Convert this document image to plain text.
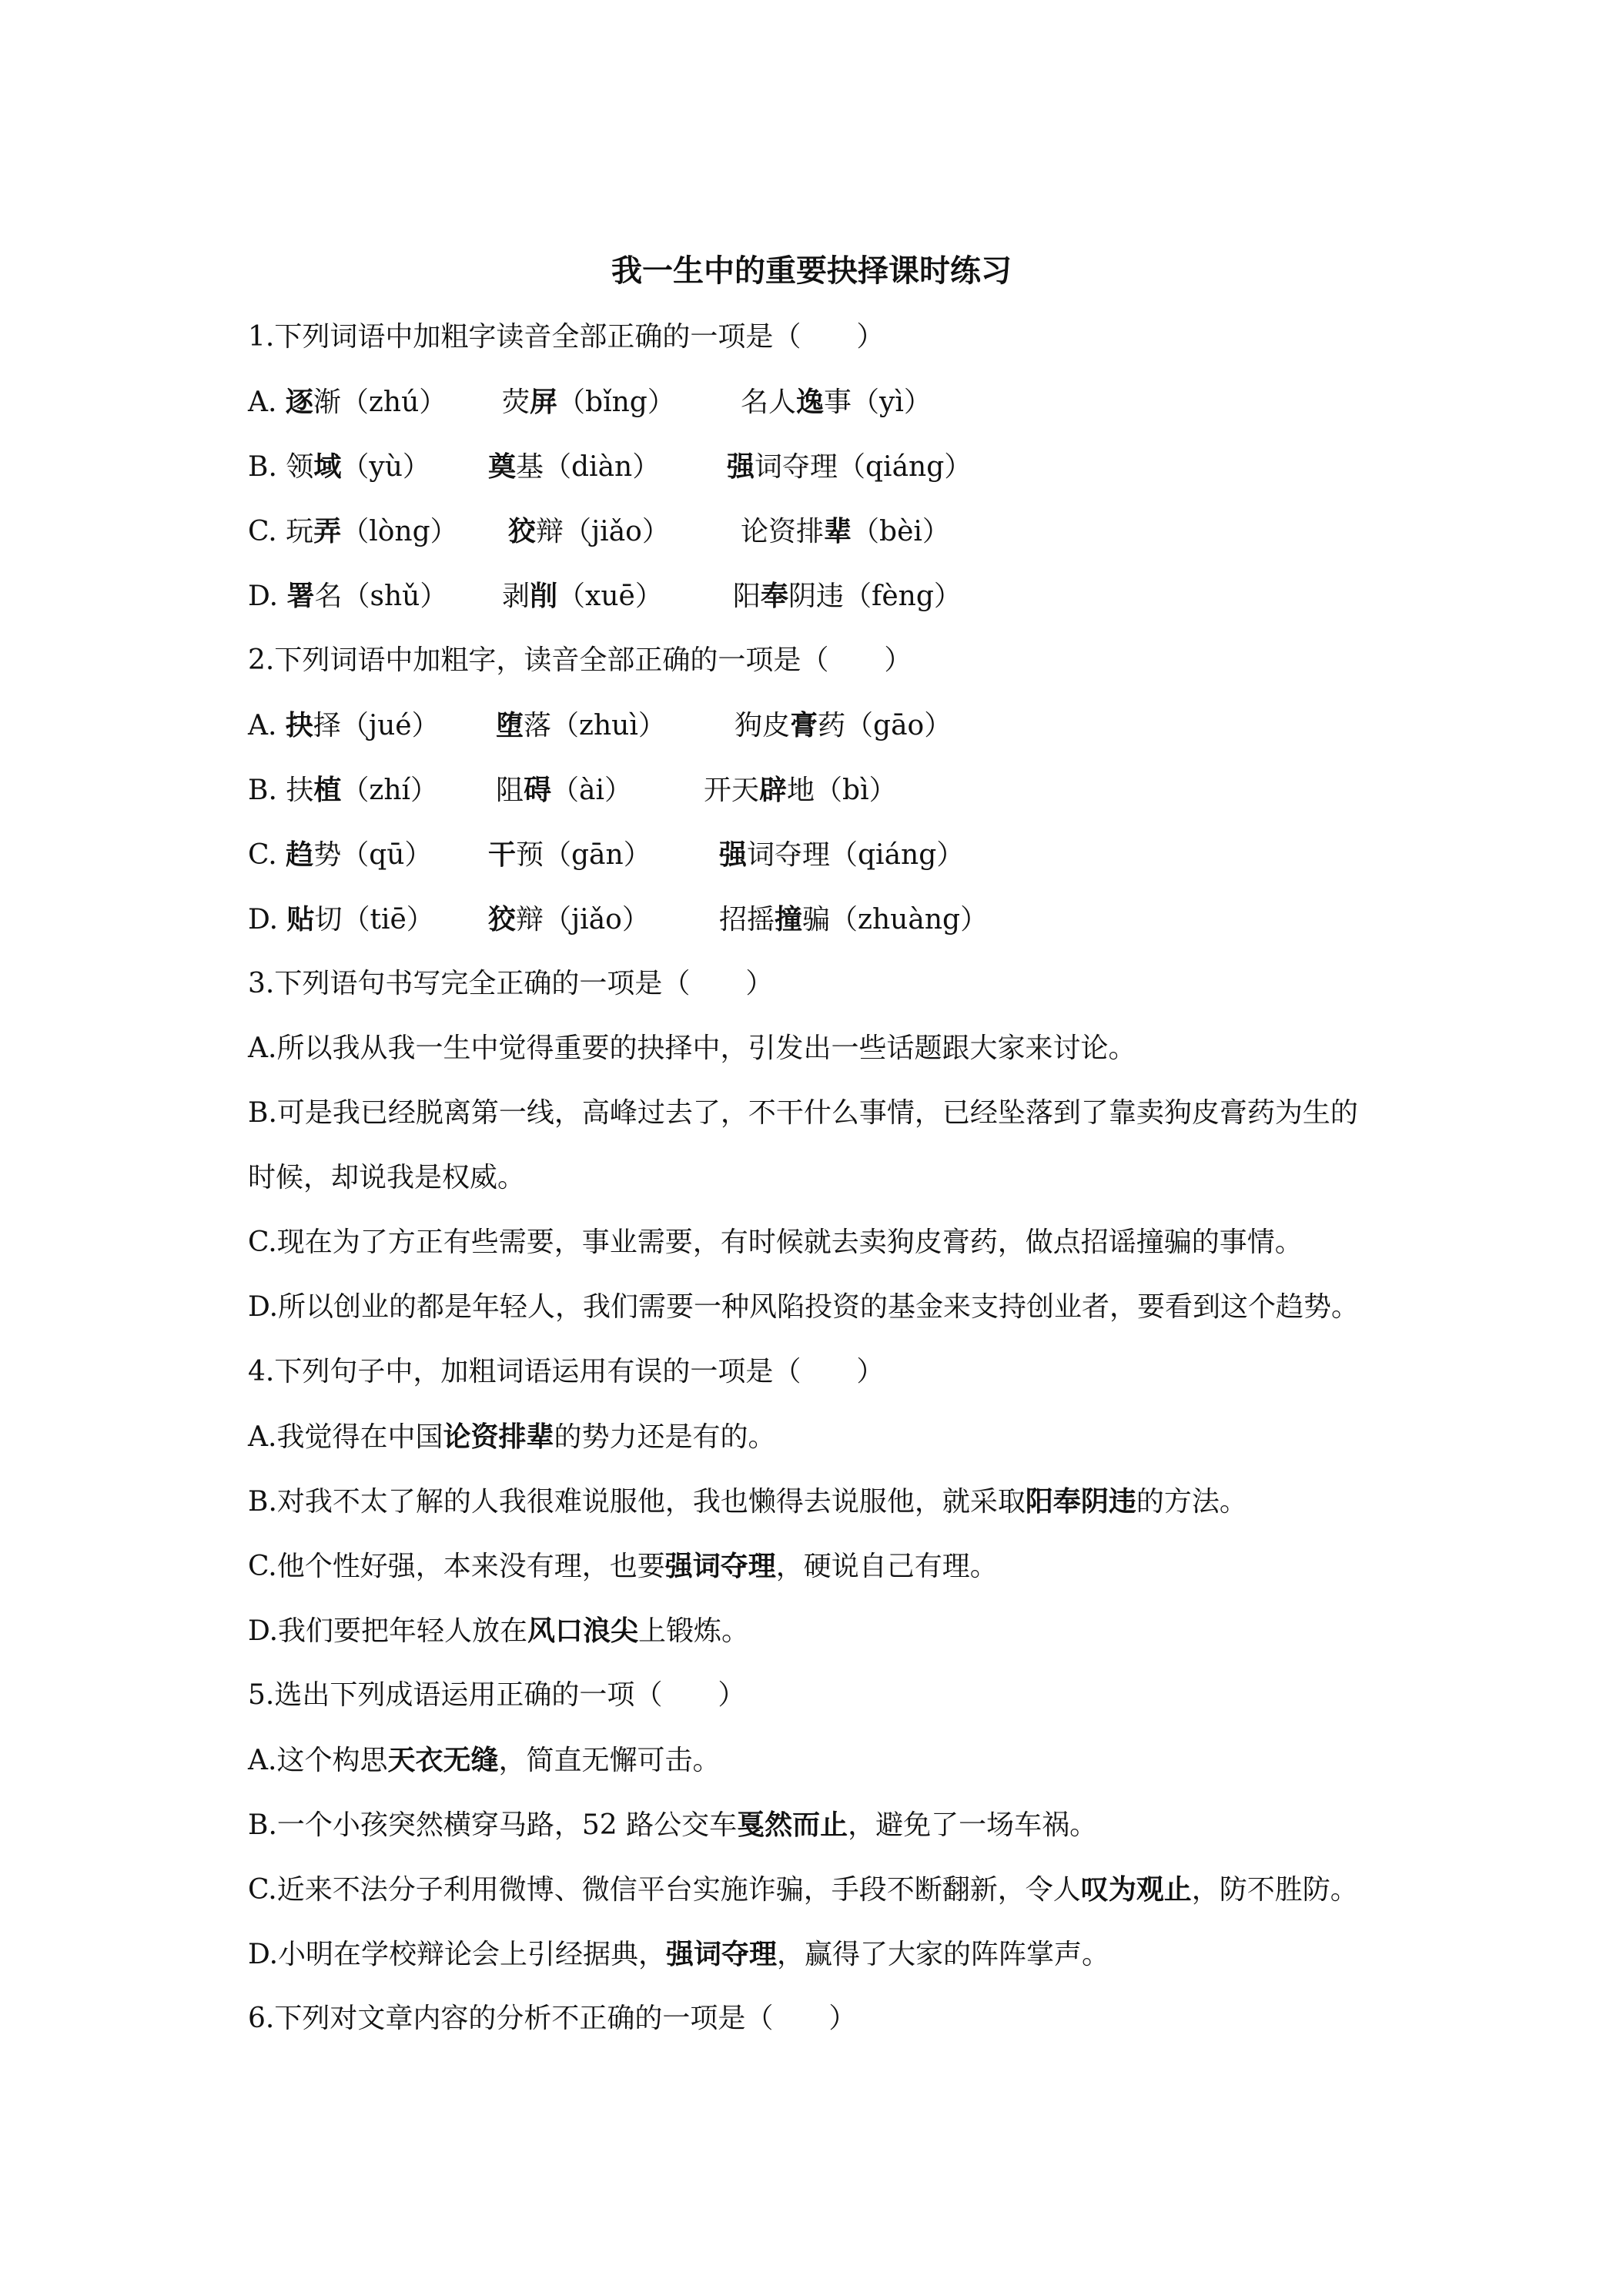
我一生中的重要抉择课时练习
1.下列词语中加粗字读音全部正确的一项是（　　）
A. 逐渐（zhú） 荧屏（bǐng） 名人逸事（yì）
B. 领域（yù） 奠基（diàn） 强词夺理（qiáng）
C. 玩弄（lòng） 狡辩（jiǎo）	论资排辈（bèi）
D. 署名（shǔ） 剥削（xuē）	阳奉阴违（fèng）
2.下列词语中加粗字，读音全部正确的一项是（　　）
A. 抉择（jué） 堕落（zhuì） 狗皮膏药（gāo）
B. 扶植（zhí） 阻碍（ài）	开天辟地（bì）
C. 趋势（qū） 干预（gān） 强词夺理（qiáng）
D. 贴切（tiē） 狡辩（jiǎo）	招摇撞骗（zhuàng）
3.下列语句书写完全正确的一项是（　　）
A.所以我从我一生中觉得重要的抉择中，引发出一些话题跟大家来讨论。
B.可是我已经脱离第一线，高峰过去了，不干什么事情，已经坠落到了靠卖狗皮膏药为生的
时候，却说我是权威。
C.现在为了方正有些需要，事业需要，有时候就去卖狗皮膏药，做点招谣撞骗的事情。
D.所以创业的都是年轻人，我们需要一种风陷投资的基金来支持创业者，要看到这个趋势。
4.下列句子中，加粗词语运用有误的一项是（　　）
A.我觉得在中国论资排辈的势力还是有的。
B.对我不太了解的人我很难说服他，我也懒得去说服他，就采取阳奉阴违的方法。
C.他个性好强，本来没有理，也要强词夺理，硬说自己有理。
D.我们要把年轻人放在风口浪尖上锻炼。
5.选出下列成语运用正确的一项（　　）
A.这个构思天衣无缝，简直无懈可击。
B.一个小孩突然横穿马路，52 路公交车戛然而止，避免了一场车祸。
C.近来不法分子利用微博、微信平台实施诈骗，手段不断翻新，令人叹为观止，防不胜防。
D.小明在学校辩论会上引经据典，强词夺理，赢得了大家的阵阵掌声。
6.下列对文章内容的分析不正确的一项是（　　）
